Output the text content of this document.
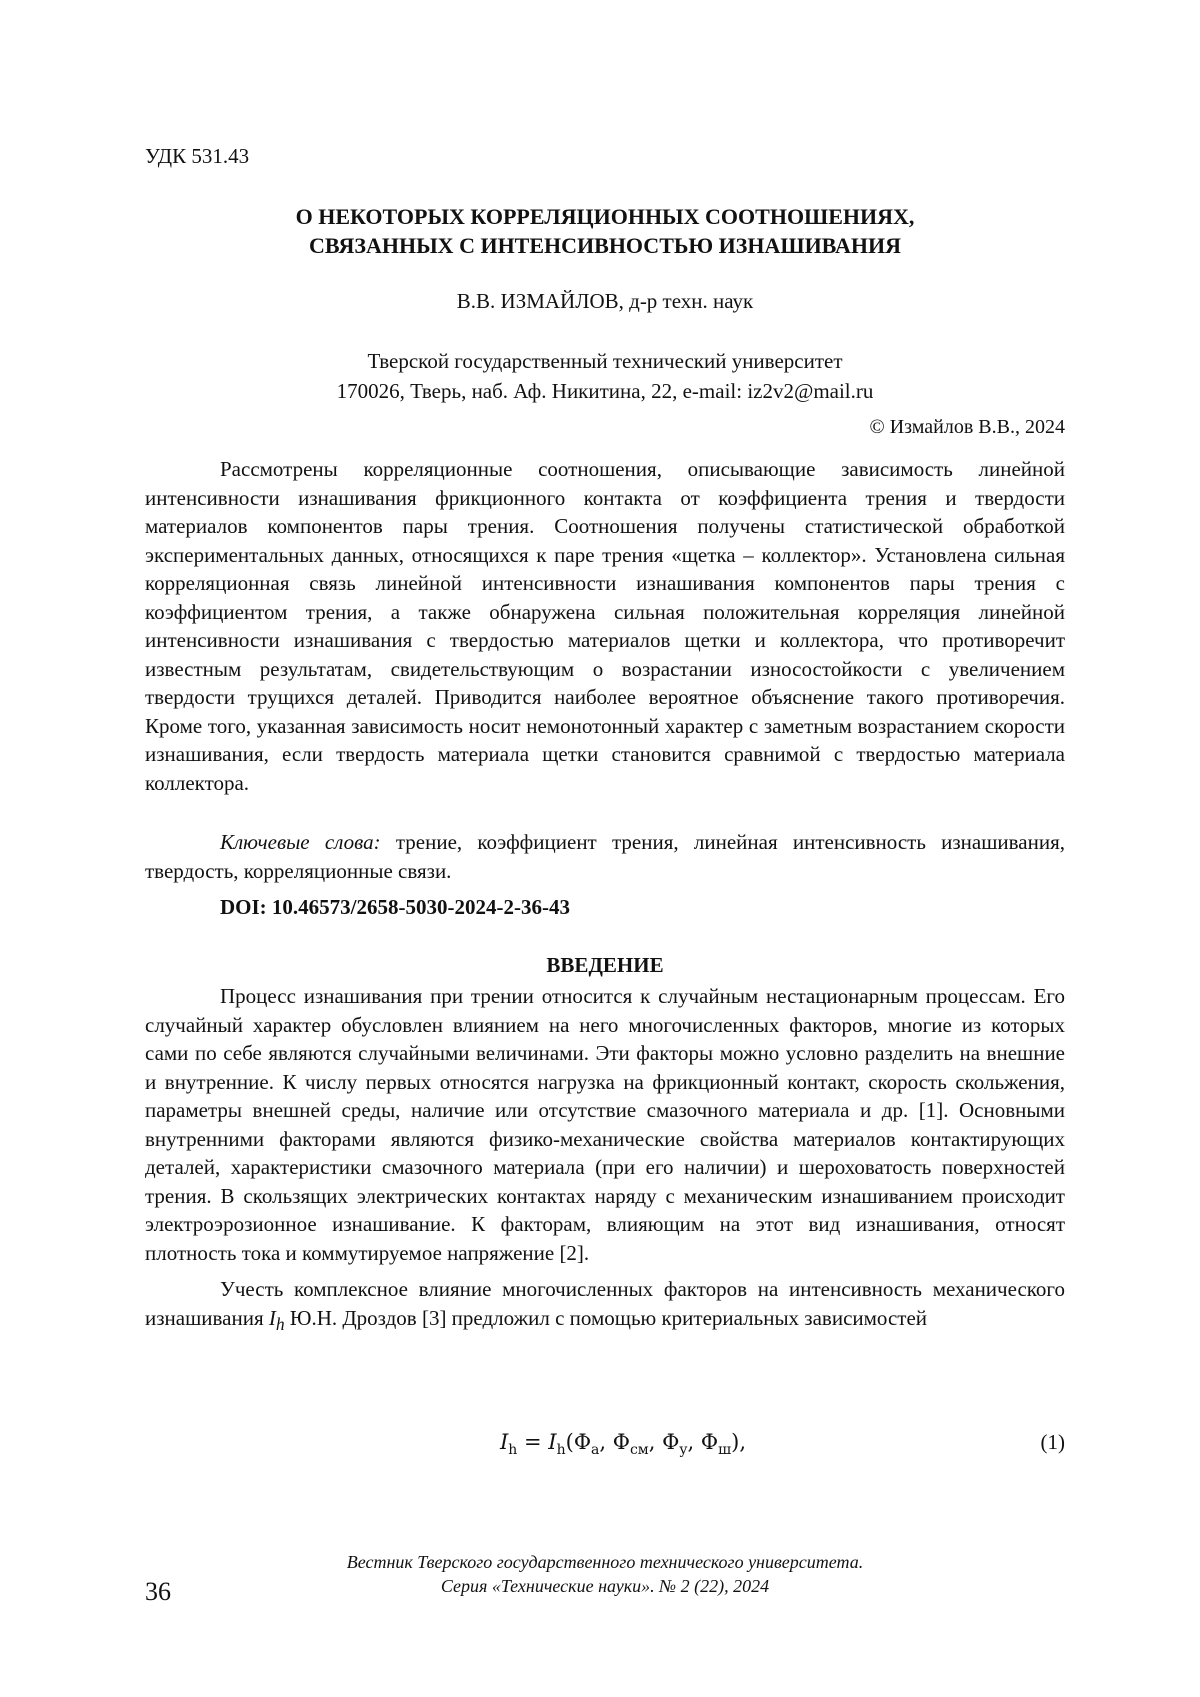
УДК 531.43
О НЕКОТОРЫХ КОРРЕЛЯЦИОННЫХ СООТНОШЕНИЯХ,
СВЯЗАННЫХ С ИНТЕНСИВНОСТЬЮ ИЗНАШИВАНИЯ
В.В. ИЗМАЙЛОВ, д-р техн. наук
Тверской государственный технический университет
170026, Тверь, наб. Аф. Никитина, 22, e-mail: iz2v2@mail.ru
© Измайлов В.В., 2024
Рассмотрены корреляционные соотношения, описывающие зависимость линейной интенсивности изнашивания фрикционного контакта от коэффициента трения и твердости материалов компонентов пары трения. Соотношения получены статистической обработкой экспериментальных данных, относящихся к паре трения «щетка – коллектор». Установлена сильная корреляционная связь линейной интенсивности изнашивания компонентов пары трения с коэффициентом трения, а также обнаружена сильная положительная корреляция линейной интенсивности изнашивания с твердостью материалов щетки и коллектора, что противоречит известным результатам, свидетельствующим о возрастании износостойкости с увеличением твердости трущихся деталей. Приводится наиболее вероятное объяснение такого противоречия. Кроме того, указанная зависимость носит немонотонный характер с заметным возрастанием скорости изнашивания, если твердость материала щетки становится сравнимой с твердостью материала коллектора.
Ключевые слова: трение, коэффициент трения, линейная интенсивность изнашивания, твердость, корреляционные связи.
DOI: 10.46573/2658-5030-2024-2-36-43
ВВЕДЕНИЕ

Процесс изнашивания при трении относится к случайным нестационарным процессам. Его случайный характер обусловлен влиянием на него многочисленных факторов, многие из которых сами по себе являются случайными величинами. Эти факторы можно условно разделить на внешние и внутренние. К числу первых относятся нагрузка на фрикционный контакт, скорость скольжения, параметры внешней среды, наличие или отсутствие смазочного материала и др. [1]. Основными внутренними факторами являются физико-механические свойства материалов контактирующих деталей, характеристики смазочного материала (при его наличии) и шероховатость поверхностей трения. В скользящих электрических контактах наряду с механическим изнашиванием происходит электроэрозионное изнашивание. К факторам, влияющим на этот вид изнашивания, относят плотность тока и коммутируемое напряжение [2].

Учесть комплексное влияние многочисленных факторов на интенсивность механического изнашивания Ih Ю.Н. Дроздов [3] предложил с помощью критериальных зависимостей

Ih = Ih(Φа, Φсм, Φу, Φш),	(1)
Вестник Тверского государственного технического университета.
Серия «Технические науки». № 2 (22), 2024
36
